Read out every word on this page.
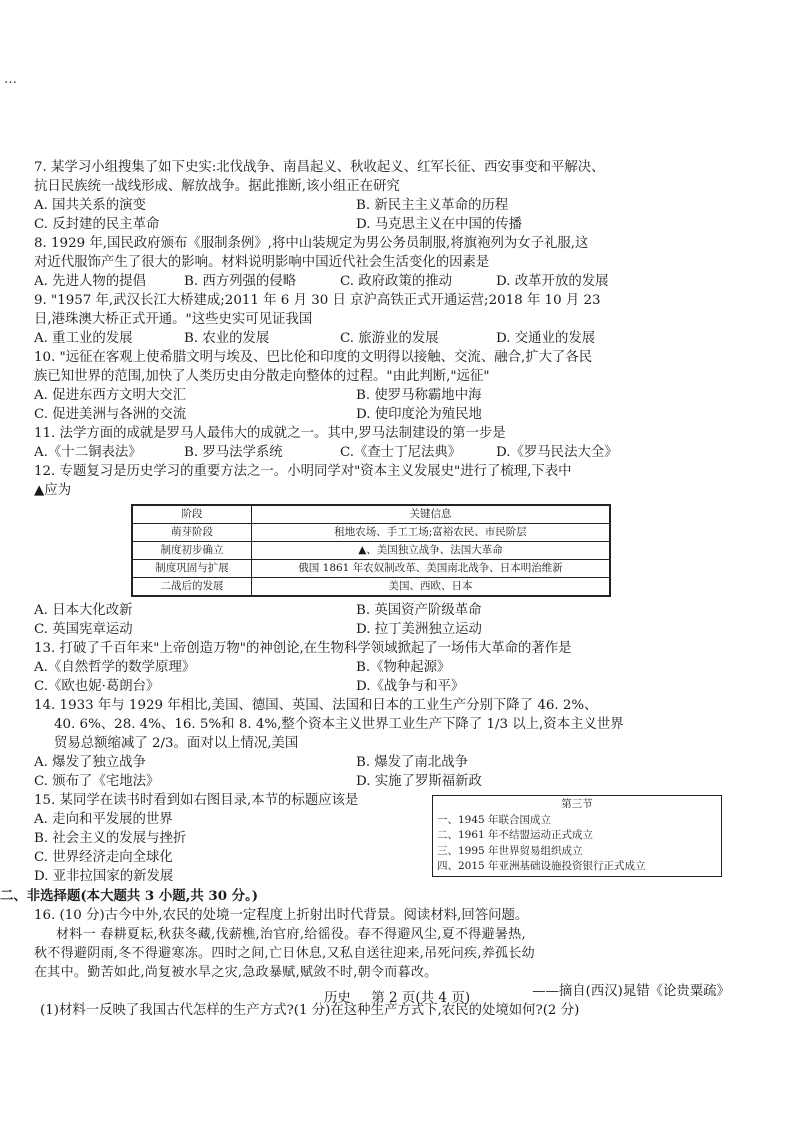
…
7. 某学习小组搜集了如下史实:北伐战争、南昌起义、秋收起义、红军长征、西安事变和平解决、
抗日民族统一战线形成、解放战争。据此推断,该小组正在研究
A. 国共关系的演变	B. 新民主主义革命的历程
C. 反封建的民主革命	D. 马克思主义在中国的传播
8. 1929 年,国民政府颁布《服制条例》,将中山装规定为男公务员制服,将旗袍列为女子礼服,这
对近代服饰产生了很大的影响。材料说明影响中国近代社会生活变化的因素是
A. 先进人物的提倡	B. 西方列强的侵略	C. 政府政策的推动	D. 改革开放的发展
9. "1957 年,武汉长江大桥建成;2011 年 6 月 30 日 京沪高铁正式开通运营;2018 年 10 月 23
日,港珠澳大桥正式开通。"这些史实可见证我国
A. 重工业的发展	B. 农业的发展	C. 旅游业的发展	D. 交通业的发展
10. "远征在客观上使希腊文明与埃及、巴比伦和印度的文明得以接触、交流、融合,扩大了各民
族已知世界的范围,加快了人类历史由分散走向整体的过程。"由此判断,"远征"
A. 促进东西方文明大交汇	B. 使罗马称霸地中海
C. 促进美洲与各洲的交流	D. 使印度沦为殖民地
11. 法学方面的成就是罗马人最伟大的成就之一。其中,罗马法制建设的第一步是
A.《十二铜表法》	B. 罗马法学系统	C.《查士丁尼法典》	D.《罗马民法大全》
12. 专题复习是历史学习的重要方法之一。小明同学对"资本主义发展史"进行了梳理,下表中
▲应为
阶段	关键信息
萌芽阶段	租地农场、手工工场;富裕农民、市民阶层
制度初步确立	▲、美国独立战争、法国大革命
制度巩固与扩展	俄国 1861 年农奴制改革、美国南北战争、日本明治维新
二战后的发展	美国、西欧、日本
A. 日本大化改新	B. 英国资产阶级革命
C. 英国宪章运动	D. 拉丁美洲独立运动
13. 打破了千百年来"上帝创造万物"的神创论,在生物科学领域掀起了一场伟大革命的著作是
A.《自然哲学的数学原理》	B.《物种起源》
C.《欧也妮·葛朗台》	D.《战争与和平》
14. 1933 年与 1929 年相比,美国、德国、英国、法国和日本的工业生产分别下降了 46. 2%、
40. 6%、28. 4%、16. 5%和 8. 4%,整个资本主义世界工业生产下降了 1/3 以上,资本主义世界
贸易总额缩减了 2/3。面对以上情况,美国
A. 爆发了独立战争	B. 爆发了南北战争
C. 颁布了《宅地法》	D. 实施了罗斯福新政
15. 某同学在读书时看到如右图目录,本节的标题应该是
A. 走向和平发展的世界
B. 社会主义的发展与挫折
C. 世界经济走向全球化
D. 亚非拉国家的新发展
第三节
一、1945 年联合国成立
二、1961 年不结盟运动正式成立
三、1995 年世界贸易组织成立
四、2015 年亚洲基础设施投资银行正式成立
二、非选择题(本大题共 3 小题,共 30 分。)
16. (10 分)古今中外,农民的处境一定程度上折射出时代背景。阅读材料,回答问题。
材料一 春耕夏耘,秋获冬藏,伐薪樵,治官府,给徭役。春不得避风尘,夏不得避暑热,
秋不得避阴雨,冬不得避寒冻。四时之间,亡日休息,又私自送往迎来,吊死问疾,养孤长幼
在其中。勤苦如此,尚复被水旱之灾,急政暴赋,赋敛不时,朝令而暮改。
——摘自(西汉)晁错《论贵粟疏》
(1)材料一反映了我国古代怎样的生产方式?(1 分)在这种生产方式下,农民的处境如何?(2 分)
历史 第 2 页(共 4 页)
